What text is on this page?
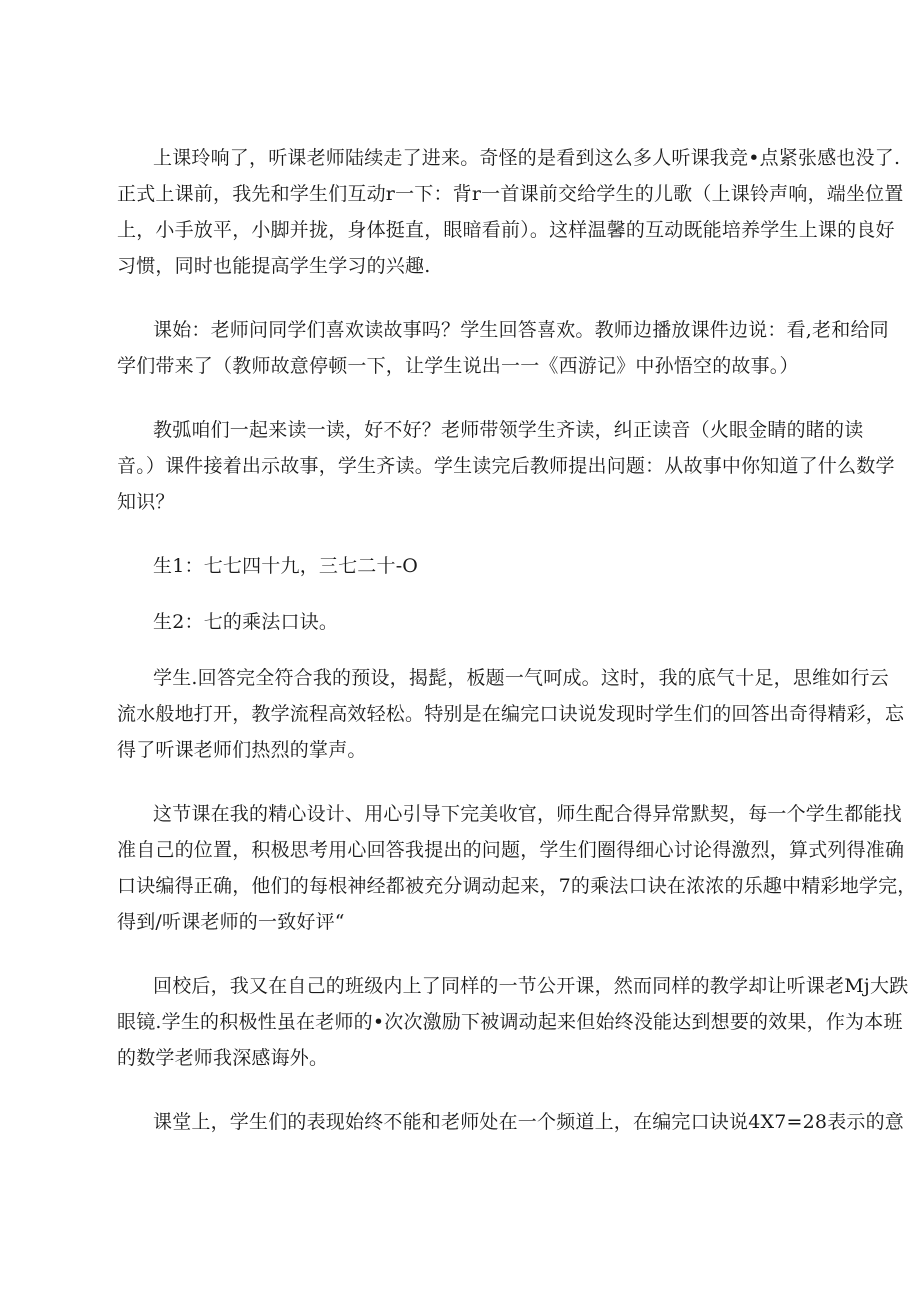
上课玲响了，听课老师陆续走了进来。奇怪的是看到这么多人听课我竞•点紧张感也没了.
正式上课前，我先和学生们互动r一下：背r一首课前交给学生的儿歌（上课铃声响，端坐位置
上，小手放平，小脚并拢，身体挺直，眼暗看前）。这样温馨的互动既能培养学生上课的良好
习惯，同时也能提高学生学习的兴趣.

课始：老师问同学们喜欢读故事吗？学生回答喜欢。教师边播放课件边说：看,老和给同
学们带来了（教师故意停顿一下，让学生说出一一《西游记》中孙悟空的故事。）

教弧咱们一起来读一读，好不好？老师带领学生齐读，纠正读音（火眼金睛的睹的读
音。）课件接着出示故事，学生齐读。学生读完后教师提出问题：从故事中你知道了什么数学
知识？

生1：七七四十九，三七二十-O

生2：七的乘法口诀。

学生.回答完全符合我的预设，揭髭，板题一气呵成。这时，我的底气十足，思维如行云
流水般地打开，教学流程高效轻松。特别是在编完口诀说发现时学生们的回答出奇得精彩，忘
得了听课老师们热烈的掌声。

这节课在我的精心设计、用心引导下完美收官，师生配合得异常默契，每一个学生都能找
准自己的位置，积极思考用心回答我提出的问题，学生们圈得细心讨论得激烈，算式列得准确
口诀编得正确，他们的每根神经都被充分调动起来，7的乘法口诀在浓浓的乐趣中精彩地学完，
得到/听课老师的一致好评“

回校后，我又在自己的班级内上了同样的一节公开课，然而同样的教学却让听课老Mj大跌
眼镜.学生的积极性虽在老师的•次次激励下被调动起来但始终没能达到想要的效果，作为本班
的数学老师我深感诲外。

课堂上，学生们的表现始终不能和老师处在一个频道上，在编完口诀说4X7=28表示的意
